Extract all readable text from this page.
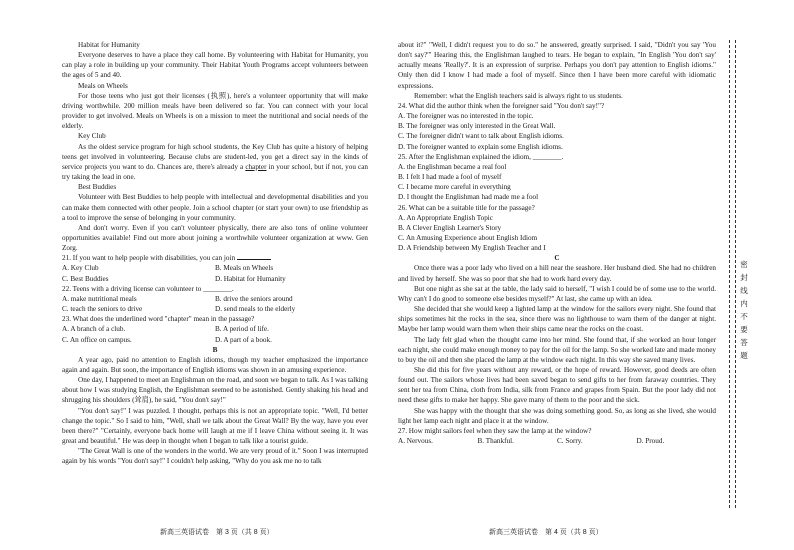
Habitat for Humanity

Everyone deserves to have a place they call home. By volunteering with Habitat for Humanity, you can play a role in building up your community. Their Habitat Youth Programs accept volunteers between the ages of 5 and 40.

Meals on Wheels

For those teens who just got their licenses (执照), here's a volunteer opportunity that will make driving worthwhile. 200 million meals have been delivered so far. You can connect with your local provider to get involved. Meals on Wheels is on a mission to meet the nutritional and social needs of the elderly.

Key Club

As the oldest service program for high school students, the Key Club has quite a history of helping teens get involved in volunteering. Because clubs are student-led, you get a direct say in the kinds of service projects you want to do. Chances are, there's already a chapter in your school, but if not, you can try taking the lead in one.

Best Buddies

Volunteer with Best Buddies to help people with intellectual and developmental disabilities and you can make them connected with other people. Join a school chapter (or start your own) to use friendship as a tool to improve the sense of belonging in your community.

And don't worry. Even if you can't volunteer physically, there are also tons of online volunteer opportunities available! Find out more about joining a worthwhile volunteer organization at www. Gen Zorg.

21. If you want to help people with disabilities, you can join

A. Key Club	B. Meals on Wheels
C. Best Buddies	D. Habitat for Humanity

22. Teens with a driving license can volunteer to ________.

A. make nutritional meals	B. drive the seniors around
C. teach the seniors to drive	D. send meals to the elderly

23. What does the underlined word "chapter" mean in the passage?

A. A branch of a club.	B. A period of life.
C. An office on campus.	D. A part of a book.

B

A year ago, paid no attention to English idioms, though my teacher emphasized the importance again and again. But soon, the importance of English idioms was shown in an amusing experience.

One day, I happened to meet an Englishman on the road, and soon we began to talk. As I was talking about how I was studying English, the Englishman seemed to be astonished. Gently shaking his head and shrugging his shoulders (耸肩), he said, "You don't say!"

"You don't say!" I was puzzled. I thought, perhaps this is not an appropriate topic. "Well, I'd better change the topic." So I said to him, "Well, shall we talk about the Great Wall? By the way, have you ever been there?" "Certainly, everyone back home will laugh at me if I leave China without seeing it. It was great and beautiful." He was deep in thought when I began to talk like a tourist guide.

"The Great Wall is one of the wonders in the world. We are very proud of it." Soon I was interrupted again by his words "You don't say!" I couldn't help asking, "Why do you ask me no to talk

about it?" "Well, I didn't request you to do so." he answered, greatly surprised. I said, "Didn't you say 'You don't say?'" Hearing this, the Englishman laughed to tears. He began to explain, "In English 'You don't say' actually means 'Really?'. It is an expression of surprise. Perhaps you don't pay attention to English idioms." Only then did I know I had made a fool of myself. Since then I have been more careful with idiomatic expressions.

Remember: what the English teachers said is always right to us students.

24. What did the author think when the foreigner said "You don't say!"?

A. The foreigner was no interested in the topic.

B. The foreigner was only interested in the Great Wall.

C. The foreigner didn't want to talk about English idioms.

D. The foreigner wanted to explain some English idioms.

25. After the Englishman explained the idiom, ________.

A. the Englishman became a real fool

B. I felt I had made a fool of myself

C. I became more careful in everything

D. I thought the Englishman had made me a fool

26. What can be a suitable title for the passage?

A. An Appropriate English Topic

B. A Clever English Learner's Story

C. An Amusing Experience about English Idiom

D. A Friendship between My English Teacher and I

C

Once there was a poor lady who lived on a hill near the seashore. Her husband died. She had no children and lived by herself. She was so poor that she had to work hard every day.

But one night as she sat at the table, the lady said to herself, "I wish I could be of some use to the world. Why can't I do good to someone else besides myself?" At last, she came up with an idea.

She decided that she would keep a lighted lamp at the window for the sailors every night. She found that ships sometimes hit the rocks in the sea, since there was no lighthouse to warn them of the danger at night. Maybe her lamp would warn them when their ships came near the rocks on the coast.

The lady felt glad when the thought came into her mind. She found that, if she worked an hour longer each night, she could make enough money to pay for the oil for the lamp. So she worked late and made money to buy the oil and then she placed the lamp at the window each night. In this way she saved many lives.

She did this for five years without any reward, or the hope of reward. However, good deeds are often found out. The sailors whose lives had been saved began to send gifts to her from faraway countries. They sent her tea from China, cloth from India, silk from France and grapes from Spain. But the poor lady did not need these gifts to make her happy. She gave many of them to the poor and the sick.

She was happy with the thought that she was doing something good. So, as long as she lived, she would light her lamp each night and place it at the window.

27. How might sailors feel when they saw the lamp at the window?

A. Nervous.	B. Thankful.	C. Sorry.	D. Proud.
新高三英语试卷　第 3 页（共 8 页）	新高三英语试卷　第 4 页（共 8 页）
密
封
线
内
不
要
答
题
